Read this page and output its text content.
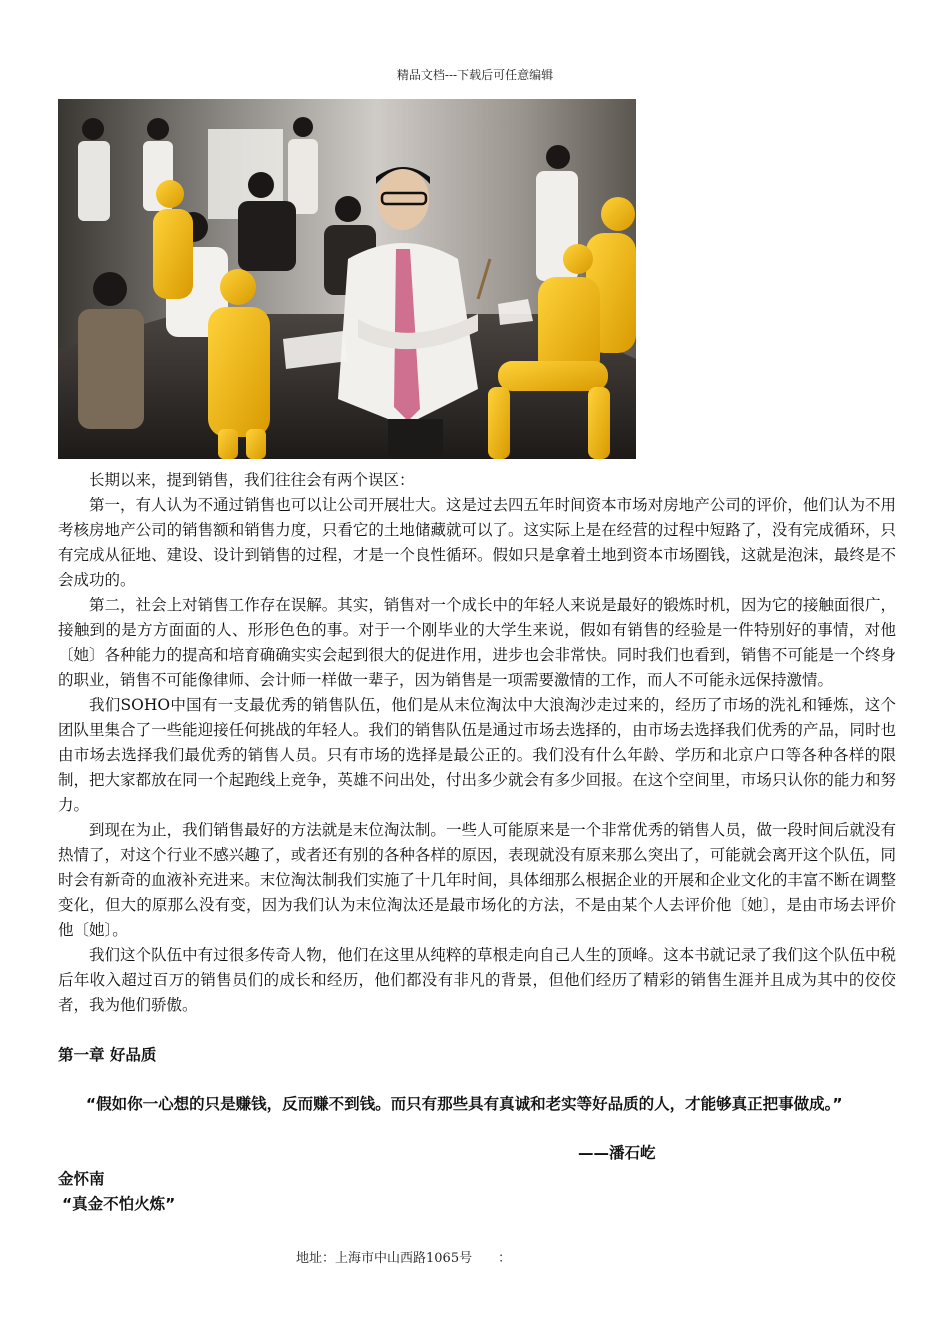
精品文档---下载后可任意编辑

长期以来，提到销售，我们往往会有两个误区：

第一，有人认为不通过销售也可以让公司开展壮大。这是过去四五年时间资本市场对房地产公司的评价，他们认为不用考核房地产公司的销售额和销售力度，只看它的土地储藏就可以了。这实际上是在经营的过程中短路了，没有完成循环，只有完成从征地、建设、设计到销售的过程，才是一个良性循环。假如只是拿着土地到资本市场圈钱，这就是泡沫，最终是不会成功的。

第二，社会上对销售工作存在误解。其实，销售对一个成长中的年轻人来说是最好的锻炼时机，因为它的接触面很广，接触到的是方方面面的人、形形色色的事。对于一个刚毕业的大学生来说，假如有销售的经验是一件特别好的事情，对他〔她〕各种能力的提高和培育确确实实会起到很大的促进作用，进步也会非常快。同时我们也看到，销售不可能是一个终身的职业，销售不可能像律师、会计师一样做一辈子，因为销售是一项需要激情的工作，而人不可能永远保持激情。

我们SOHO中国有一支最优秀的销售队伍，他们是从末位淘汰中大浪淘沙走过来的，经历了市场的洗礼和锤炼，这个团队里集合了一些能迎接任何挑战的年轻人。我们的销售队伍是通过市场去选择的，由市场去选择我们优秀的产品，同时也由市场去选择我们最优秀的销售人员。只有市场的选择是最公正的。我们没有什么年龄、学历和北京户口等各种各样的限制，把大家都放在同一个起跑线上竞争，英雄不问出处，付出多少就会有多少回报。在这个空间里，市场只认你的能力和努力。

到现在为止，我们销售最好的方法就是末位淘汰制。一些人可能原来是一个非常优秀的销售人员，做一段时间后就没有热情了，对这个行业不感兴趣了，或者还有别的各种各样的原因，表现就没有原来那么突出了，可能就会离开这个队伍，同时会有新奇的血液补充进来。末位淘汰制我们实施了十几年时间，具体细那么根据企业的开展和企业文化的丰富不断在调整变化，但大的原那么没有变，因为我们认为末位淘汰还是最市场化的方法，不是由某个人去评价他〔她〕，是由市场去评价他〔她〕。

我们这个队伍中有过很多传奇人物，他们在这里从纯粹的草根走向自己人生的顶峰。这本书就记录了我们这个队伍中税后年收入超过百万的销售员们的成长和经历，他们都没有非凡的背景，但他们经历了精彩的销售生涯并且成为其中的佼佼者，我为他们骄傲。

第一章 好品质
“假如你一心想的只是赚钱，反而赚不到钱。而只有那些具有真诚和老实等好品质的人，才能够真正把事做成。”
——潘石屹
金怀南
“真金不怕火炼”
地址：上海市中山西路1065号 ：
